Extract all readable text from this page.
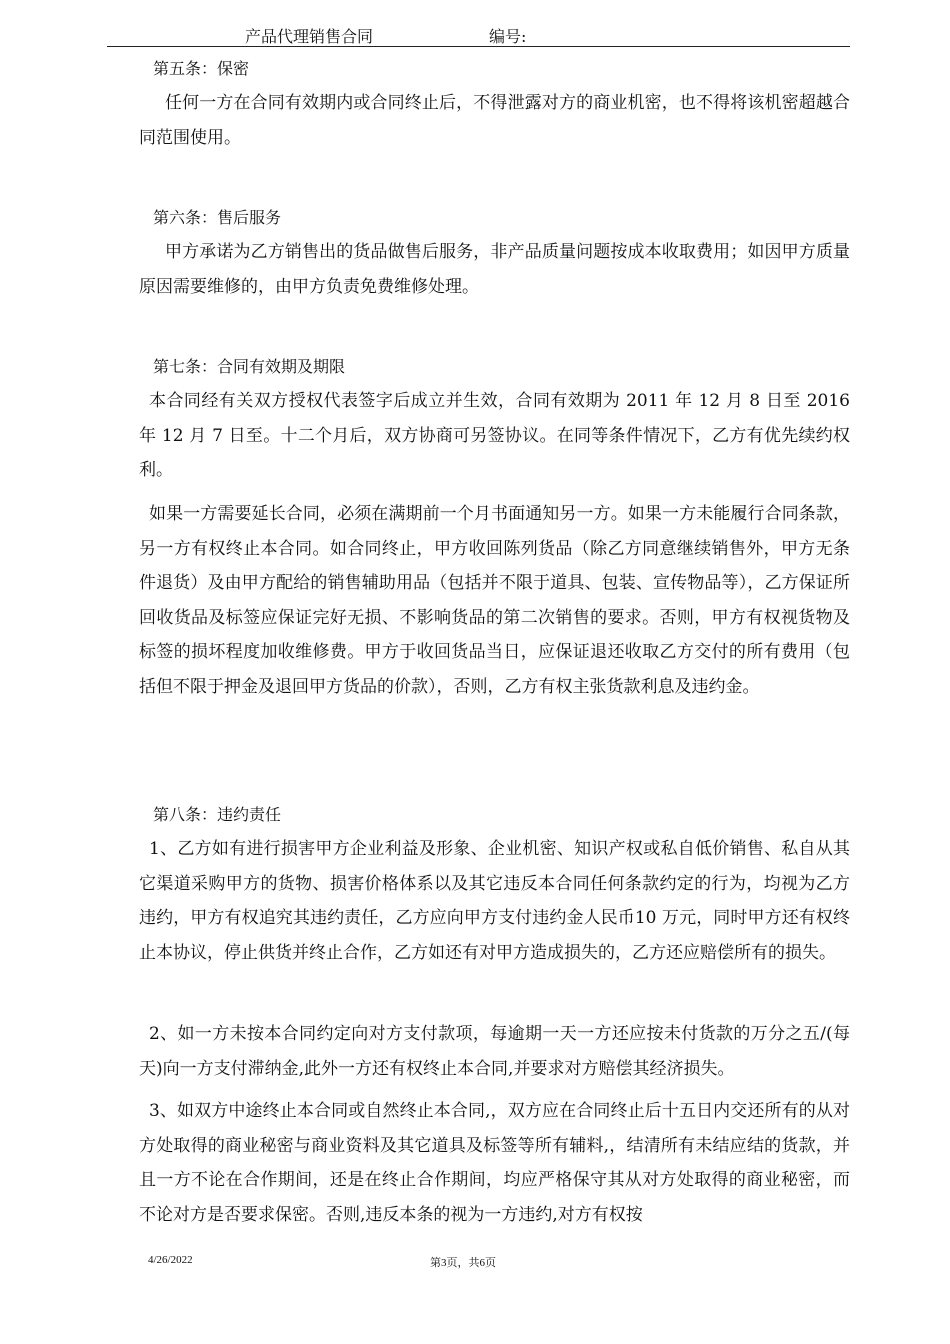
产品代理销售合同	编号:
第五条：保密

任何一方在合同有效期内或合同终止后，不得泄露对方的商业机密，也不得将该机密超越合同范围使用。

第六条：售后服务

甲方承诺为乙方销售出的货品做售后服务，非产品质量问题按成本收取费用；如因甲方质量原因需要维修的，由甲方负责免费维修处理。

第七条：合同有效期及期限

本合同经有关双方授权代表签字后成立并生效，合同有效期为 2011 年 12 月 8 日至 2016 年 12 月 7 日至。十二个月后，双方协商可另签协议。在同等条件情况下，乙方有优先续约权利。

如果一方需要延长合同，必须在满期前一个月书面通知另一方。如果一方未能履行合同条款，另一方有权终止本合同。如合同终止，甲方收回陈列货品（除乙方同意继续销售外，甲方无条件退货）及由甲方配给的销售辅助用品（包括并不限于道具、包装、宣传物品等），乙方保证所回收货品及标签应保证完好无损、不影响货品的第二次销售的要求。否则，甲方有权视货物及标签的损坏程度加收维修费。甲方于收回货品当日，应保证退还收取乙方交付的所有费用（包括但不限于押金及退回甲方货品的价款），否则，乙方有权主张货款利息及违约金。

第八条：违约责任

1、乙方如有进行损害甲方企业利益及形象、企业机密、知识产权或私自低价销售、私自从其它渠道采购甲方的货物、损害价格体系以及其它违反本合同任何条款约定的行为，均视为乙方违约，甲方有权追究其违约责任，乙方应向甲方支付违约金人民币10 万元，同时甲方还有权终止本协议，停止供货并终止合作，乙方如还有对甲方造成损失的，乙方还应赔偿所有的损失。

2、如一方未按本合同约定向对方支付款项，每逾期一天一方还应按未付货款的万分之五/(每天)向一方支付滞纳金,此外一方还有权终止本合同,并要求对方赔偿其经济损失。

3、如双方中途终止本合同或自然终止本合同,，双方应在合同终止后十五日内交还所有的从对方处取得的商业秘密与商业资料及其它道具及标签等所有辅料,，结清所有未结应结的货款，并且一方不论在合作期间，还是在终止合作期间，均应严格保守其从对方处取得的商业秘密，而不论对方是否要求保密。否则,违反本条的视为一方违约,对方有权按

4/26/2022	第3页，共6页
